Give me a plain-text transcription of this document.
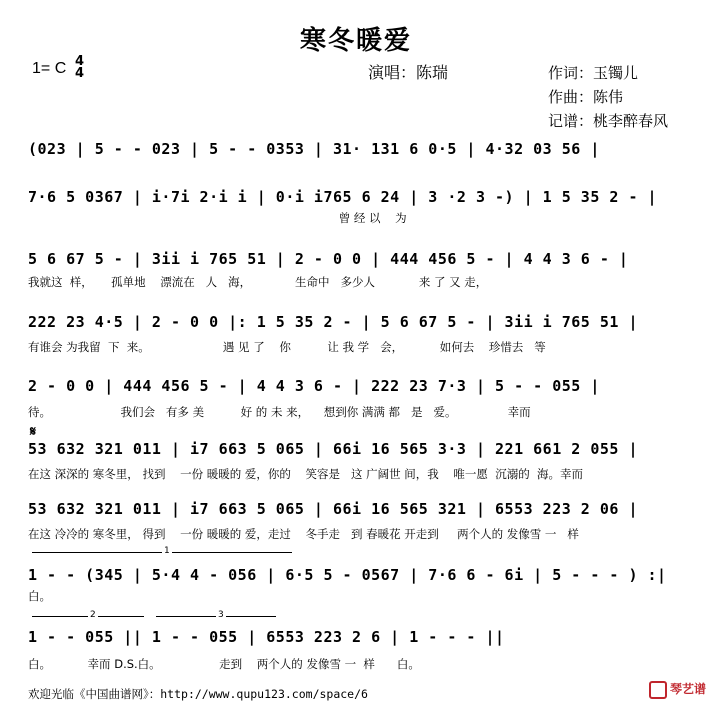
寒冬暖爱
1= C 4
4	演唱：陈瑞	作词：玉镯儿
作曲：陈伟
记谱：桃李醉春风
(023 | 5 - - 023 | 5 - - 0353 | 31· 131 6 0·5 | 4·32 03 56 |
7·6 5 0367 | i·7i 2·i i | 0·i i765 6 24 | 3 ·2 3 -) | 1 5 35 2 - |
曾 经 以    为
5 6 67 5 - | 3ii i 765 51 | 2 - 0 0 | 444 456 5 - | 4 4 3 6 - |
我就这  样，     孤单地    漂流在   人   海，            生命中   多少人            来 了 又 走，
222 23 4·5 | 2 - 0 0 |: 1 5 35 2 - | 5 6 67 5 - | 3ii i 765 51 |
有谁会 为我留  下  来。                    遇 见 了    你          让 我 学   会，          如何去    珍惜去   等
2 - 0 0 | 444 456 5 - | 4 4 3 6 - | 222 23 7·3 | 5 - - 055 |
待。                   我们会   有多 美          好 的 未 来，    想到你 满满 都   是   爱。              幸而
𝄋
53 632 321 011 | i7 663 5 065 | 66i 16 565 3·3 | 221 661 2 055 |
在这 深深的 寒冬里， 找到    一份 暖暖的 爱，你的    笑容是   这 广阔世 间，我    唯一愿  沉溺的  海。幸而
53 632 321 011 | i7 663 5 065 | 66i 16 565 321 | 6553 223 2 06 |
在这 冷冷的 寒冬里， 得到    一份 暖暖的 爱，走过    冬手走   到 春暖花 开走到     两个人的 发像雪 一   样
1
1 - - (345 | 5·4 4 - 056 | 6·5 5 - 0567 | 7·6 6 - 6i | 5 - - - ) :|
白。
2	3
1 - - 055 || 1 - - 055 | 6553 223 2 6 | 1 - - - ||
白。          幸而 D.S.白。                走到    两个人的 发像雪 一  样      白。
欢迎光临《中国曲谱网》：http://www.qupu123.com/space/6	琴艺谱
